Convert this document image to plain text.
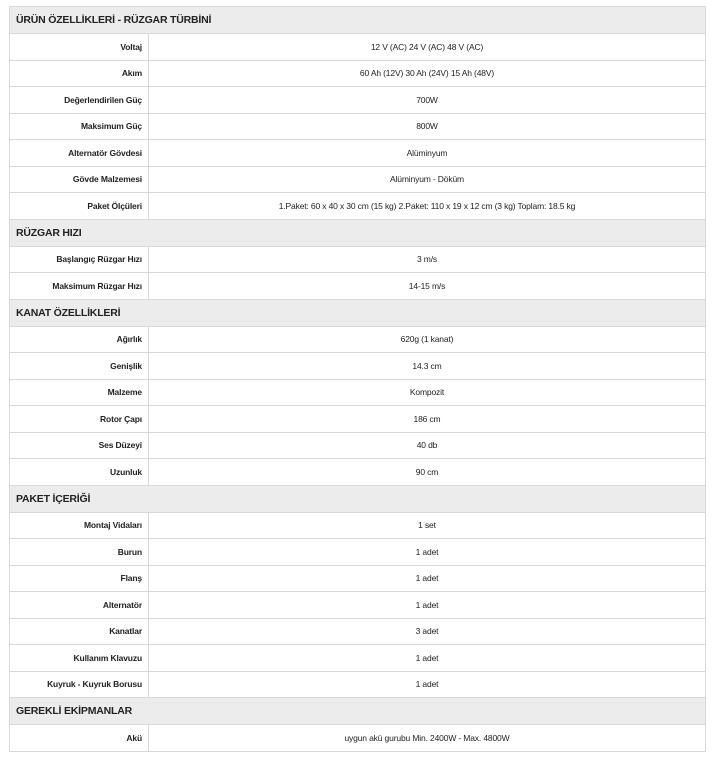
ÜRÜN ÖZELLİKLERİ - RÜZGAR TÜRBİNİ	
Voltaj	12 V (AC) 24 V (AC) 48 V (AC)
Akım	60 Ah (12V) 30 Ah (24V) 15 Ah (48V)
Değerlendirilen Güç	700W
Maksimum Güç	800W
Alternatör Gövdesi	Alüminyum
Gövde Malzemesi	Alüminyum - Döküm
Paket Ölçüleri	1.Paket: 60 x 40 x 30 cm (15 kg) 2.Paket: 110 x 19 x 12 cm (3 kg) Toplam: 18.5 kg
RÜZGAR HIZI	
Başlangıç Rüzgar Hızı	3 m/s
Maksimum Rüzgar Hızı	14-15 m/s
KANAT ÖZELLİKLERİ	
Ağırlık	620g (1 kanat)
Genişlik	14.3 cm
Malzeme	Kompozit
Rotor Çapı	186 cm
Ses Düzeyi	40 db
Uzunluk	90 cm
PAKET İÇERİĞİ	
Montaj Vidaları	1 set
Burun	1 adet
Flanş	1 adet
Alternatör	1 adet
Kanatlar	3 adet
Kullanım Klavuzu	1 adet
Kuyruk - Kuyruk Borusu	1 adet
GEREKLİ EKİPMANLAR	
Akü	uygun akü gurubu Min. 2400W - Max. 4800W
